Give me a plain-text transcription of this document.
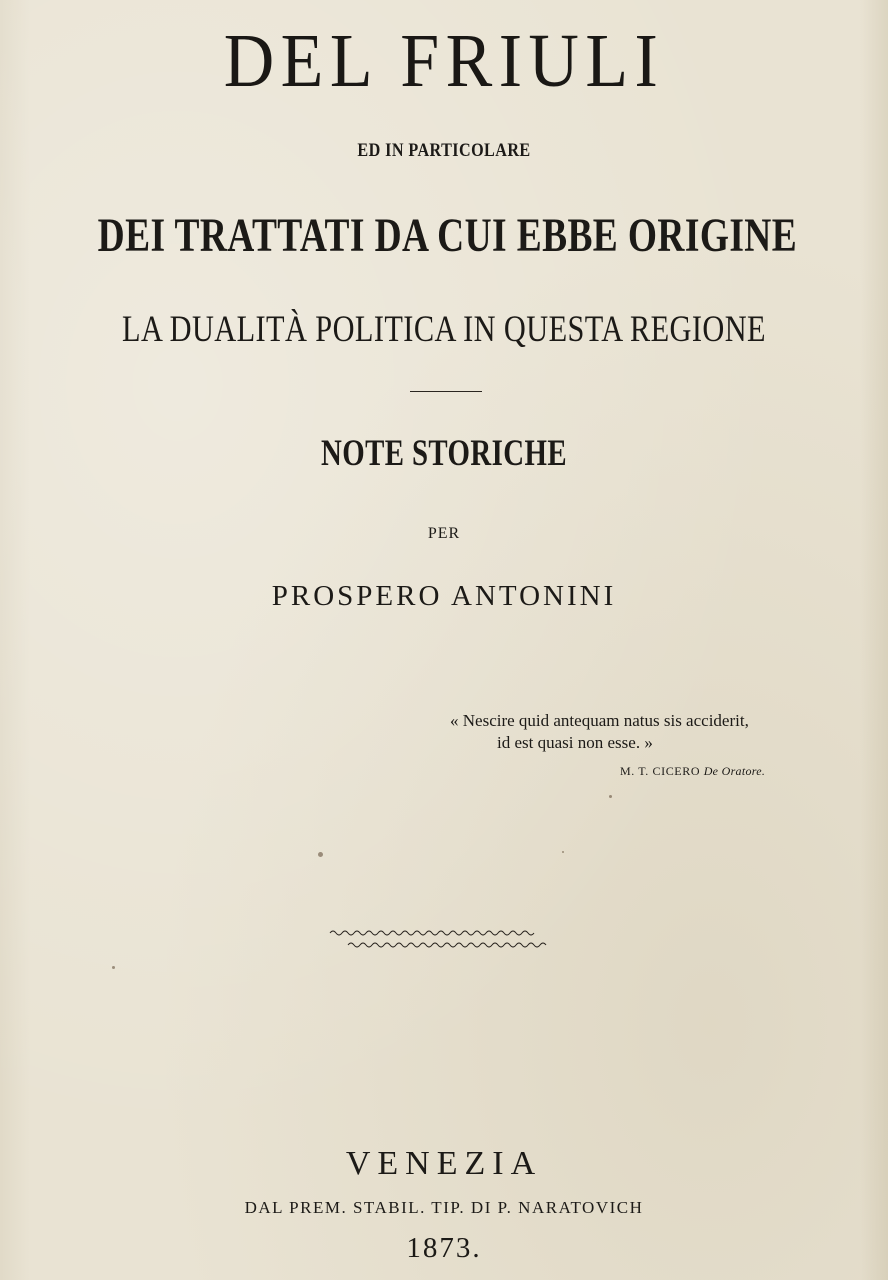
DEL FRIULI
ED IN PARTICOLARE
DEI TRATTATI DA CUI EBBE ORIGINE
LA DUALITÀ POLITICA IN QUESTA REGIONE
NOTE STORICHE
PER
PROSPERO ANTONINI
« Nescire quid antequam natus sis acciderit,
id est quasi non esse. »
M. T. CICERO De Oratore.
VENEZIA
DAL PREM. STABIL. TIP. DI P. NARATOVICH
1873.
